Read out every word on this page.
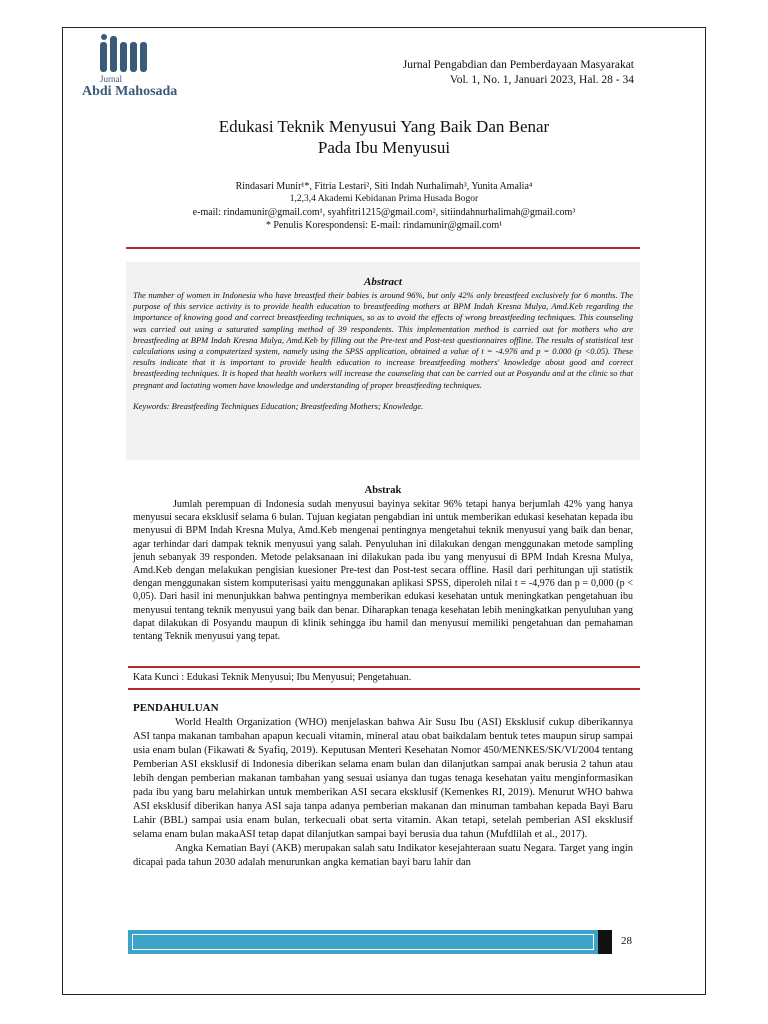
Jurnal
Abdi Mahosada
Jurnal Pengabdian dan Pemberdayaan Masyarakat
Vol. 1, No. 1, Januari 2023, Hal. 28 - 34
Edukasi Teknik Menyusui Yang Baik Dan Benar
Pada Ibu Menyusui
Rindasari Munir¹*, Fitria Lestari², Siti Indah Nurhalimah³, Yunita Amalia⁴
1,2,3,4 Akademi Kebidanan Prima Husada Bogor
e-mail: rindamunir@gmail.com¹, syahfitri1215@gmail.com², sitiindahnurhalimah@gmail.com³
* Penulis Korespondensi: E-mail: rindamunir@gmail.com¹
Abstract

The number of women in Indonesia who have breastfed their babies is around 96%, but only 42% only breastfeed exclusively for 6 months. The purpose of this service activity is to provide health education to breastfeeding mothers at BPM Indah Kresna Mulya, Amd.Keb regarding the importance of knowing good and correct breastfeeding techniques, so as to avoid the effects of wrong breastfeeding techniques. This counseling was carried out using a saturated sampling method of 39 respondents. This implementation method is carried out for mothers who are breastfeeding at BPM Indah Kresna Mulya, Amd.Keb by filling out the Pre-test and Post-test questionnaires offline. The results of statistical test calculations using a computerized system, namely using the SPSS application, obtained a value of t = -4.976 and p = 0.000 (p <0.05). These results indicate that it is important to provide health education to increase breastfeeding mothers' knowledge about good and correct breastfeeding techniques. It is hoped that health workers will increase the counseling that can be carried out at Posyandu and at the clinic so that pregnant and lactating women have knowledge and understanding of proper breastfeeding techniques.

Keywords: Breastfeeding Techniques Education; Breastfeeding Mothers; Knowledge.

Abstrak

Jumlah perempuan di Indonesia sudah menyusui bayinya sekitar 96% tetapi hanya berjumlah 42% yang hanya menyusui secara eksklusif selama 6 bulan. Tujuan kegiatan pengabdian ini untuk memberikan edukasi kesehatan kepada ibu menyusui di BPM Indah Kresna Mulya, Amd.Keb mengenai pentingnya mengetahui teknik menyusui yang baik dan benar, agar terhindar dari dampak teknik menyusui yang salah. Penyuluhan ini dilakukan dengan menggunakan metode sampling jenuh sebanyak 39 responden. Metode pelaksanaan ini dilakukan pada ibu yang menyusui di BPM Indah Kresna Mulya, Amd.Keb dengan melakukan pengisian kuesioner Pre-test dan Post-test secara offline. Hasil dari perhitungan uji statistik dengan menggunakan sistem komputerisasi yaitu menggunakan aplikasi SPSS, diperoleh nilai t = -4,976 dan p = 0,000 (p < 0,05). Dari hasil ini menunjukkan bahwa pentingnya memberikan edukasi kesehatan untuk meningkatkan pengetahuan ibu menyusui tentang teknik menyusui yang baik dan benar. Diharapkan tenaga kesehatan lebih meningkatkan penyuluhan yang dapat dilakukan di Posyandu maupun di klinik sehingga ibu hamil dan menyusui memiliki pengetahuan dan pemahaman tentang Teknik menyusui yang tepat.

Kata Kunci : Edukasi Teknik Menyusui; Ibu Menyusui; Pengetahuan.
PENDAHULUAN

World Health Organization (WHO) menjelaskan bahwa Air Susu Ibu (ASI) Eksklusif cukup diberikannya ASI tanpa makanan tambahan apapun kecuali vitamin, mineral atau obat baikdalam bentuk tetes maupun sirup sampai usia enam bulan (Fikawati & Syafiq, 2019). Keputusan Menteri Kesehatan Nomor 450/MENKES/SK/VI/2004 tentang Pemberian ASI eksklusif di Indonesia diberikan selama enam bulan dan dilanjutkan sampai anak berusia 2 tahun atau lebih dengan pemberian makanan tambahan yang sesuai usianya dan tugas tenaga kesehatan yaitu menginformasikan pada ibu yang baru melahirkan untuk memberikan ASI secara eksklusif (Kemenkes RI, 2019). Menurut WHO bahwa ASI eksklusif diberikan hanya ASI saja tanpa adanya pemberian makanan dan minuman tambahan kepada Bayi Baru Lahir (BBL) sampai usia enam bulan, terkecuali obat serta vitamin. Akan tetapi, setelah pemberian ASI eksklusif selama enam bulan makaASI tetap dapat dilanjutkan sampai bayi berusia dua tahun (Mufdlilah et al., 2017).

Angka Kematian Bayi (AKB) merupakan salah satu Indikator kesejahteraan suatu Negara. Target yang ingin dicapai pada tahun 2030 adalah menurunkan angka kematian bayi baru lahir dan

28
